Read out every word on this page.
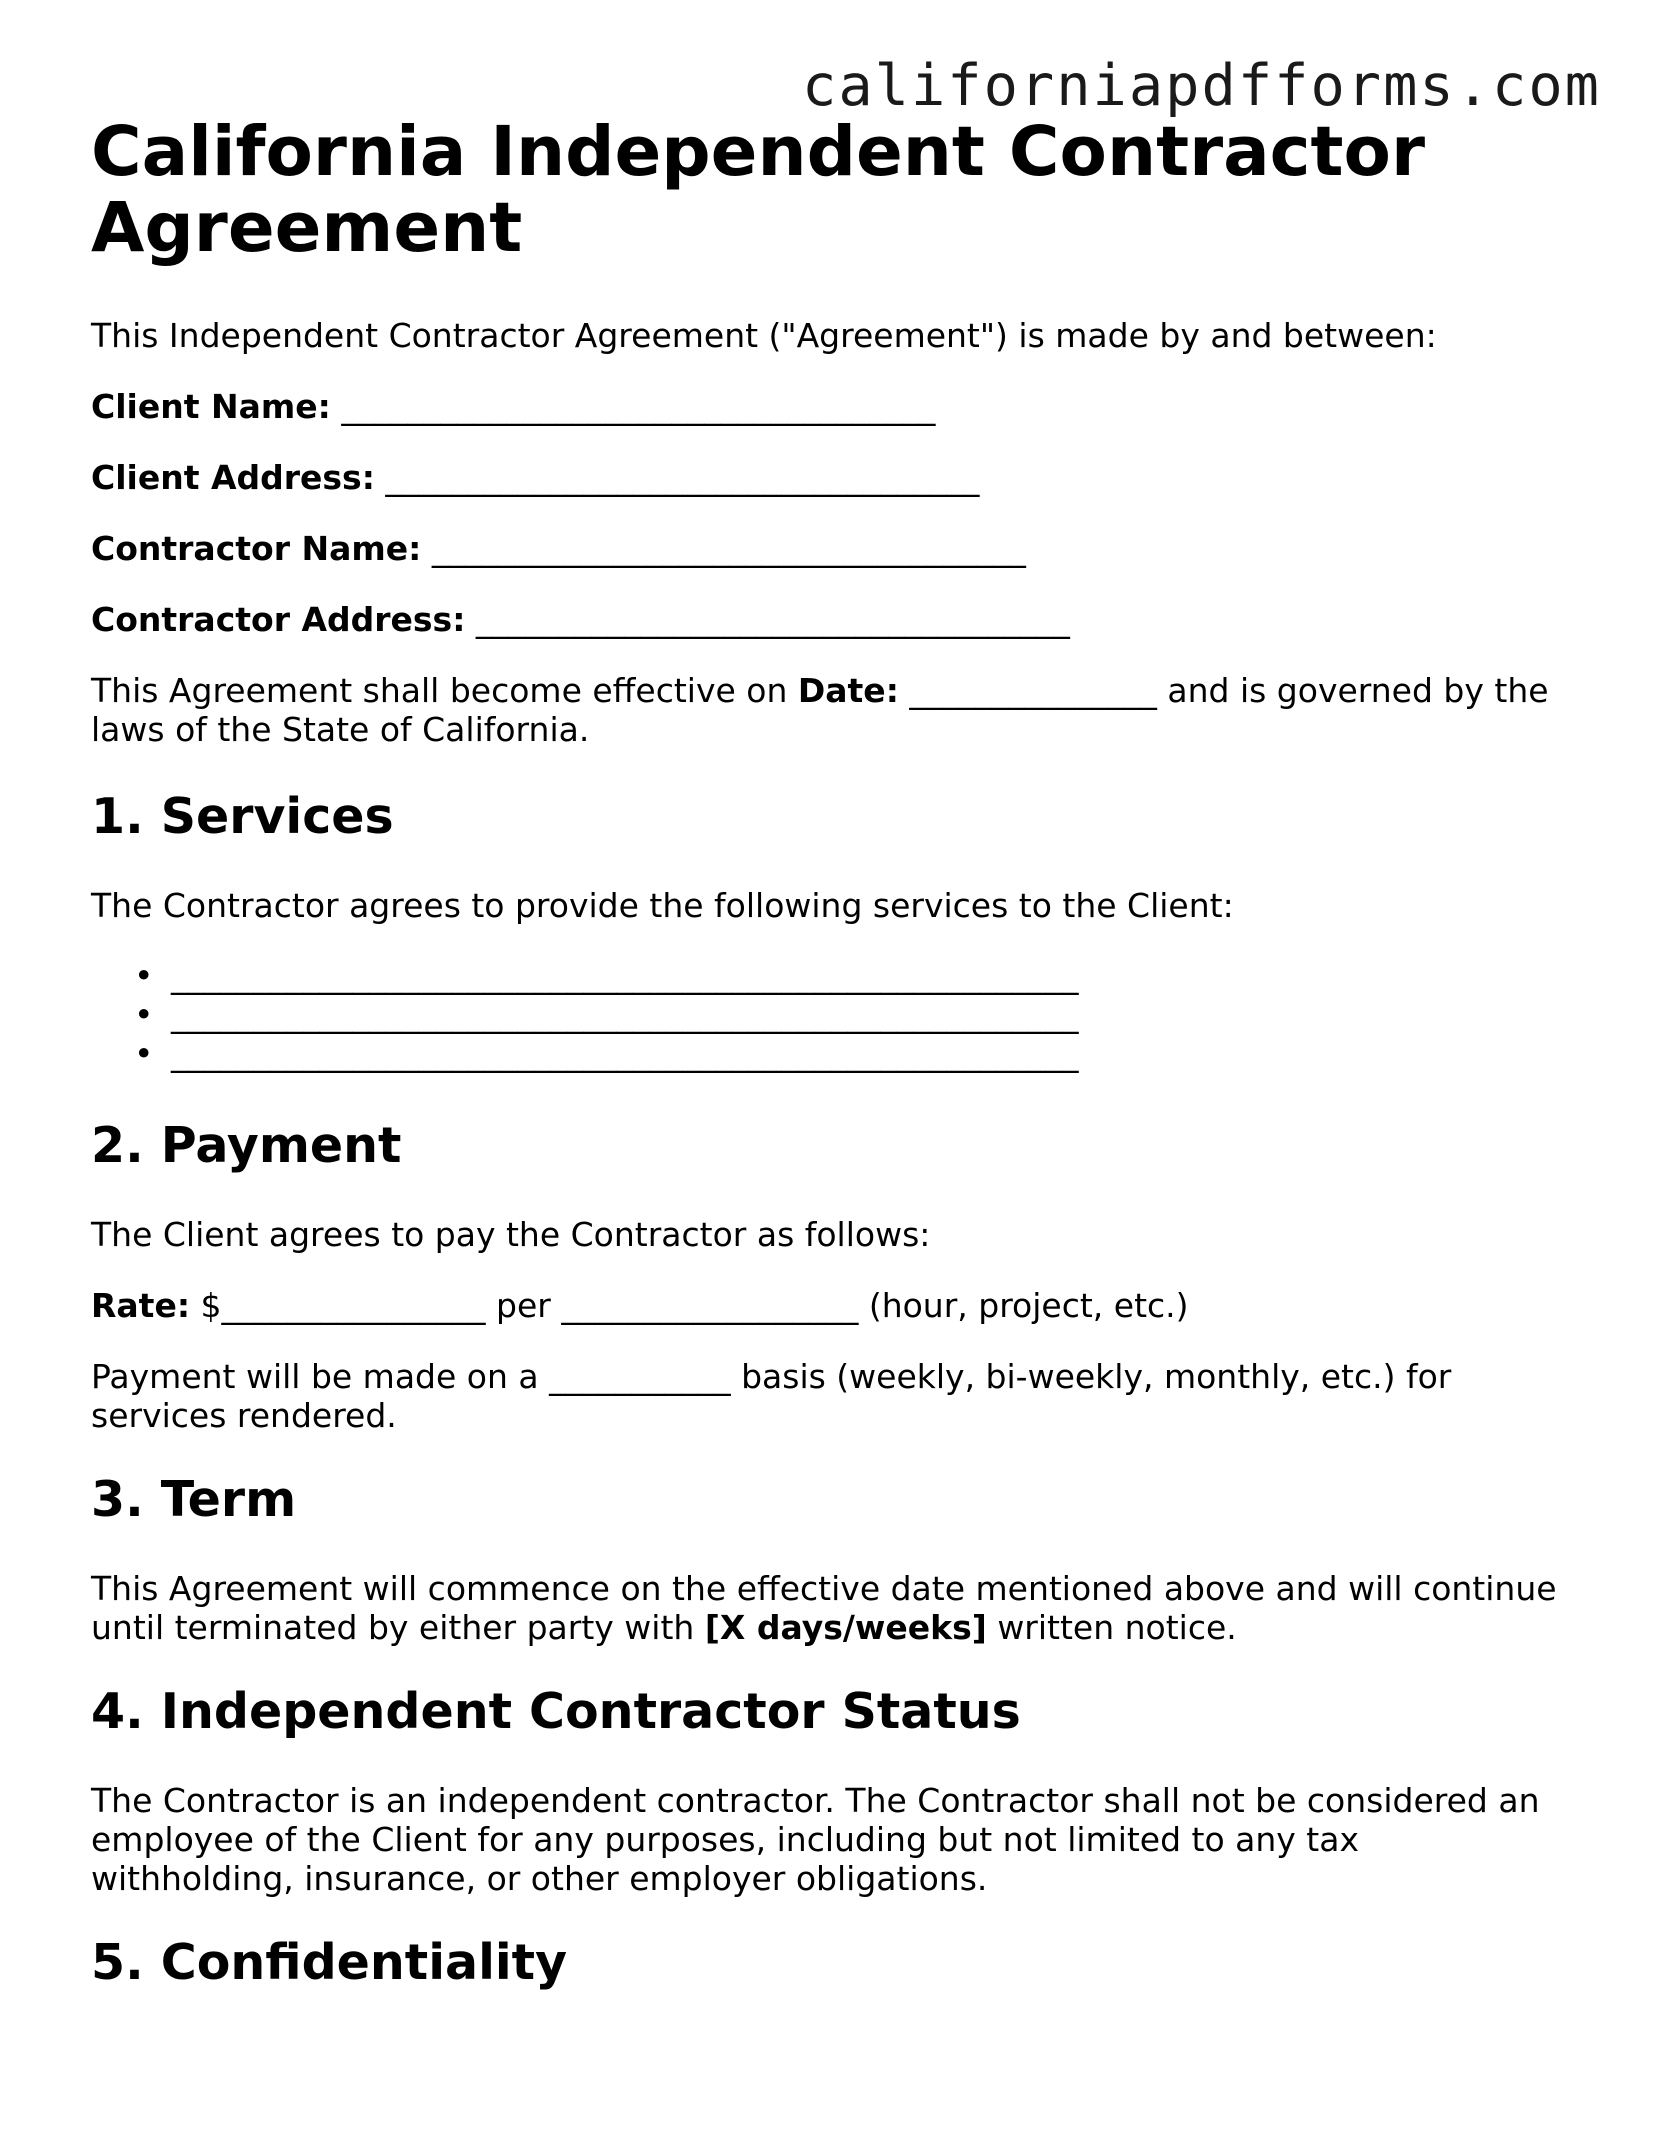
californiapdfforms.com
California Independent Contractor Agreement

This Independent Contractor Agreement ("Agreement") is made by and between:

Client Name: ____________________________________

Client Address: ____________________________________

Contractor Name: ____________________________________

Contractor Address: ____________________________________

This Agreement shall become effective on Date: _______________ and is governed by the laws of the State of California.

1. Services

The Contractor agrees to provide the following services to the Client:

• _______________________________________________________
• _______________________________________________________
• _______________________________________________________
2. Payment

The Client agrees to pay the Contractor as follows:

Rate: $________________ per __________________ (hour, project, etc.)

Payment will be made on a ___________ basis (weekly, bi-weekly, monthly, etc.) for services rendered.

3. Term

This Agreement will commence on the effective date mentioned above and will continue until terminated by either party with [X days/weeks] written notice.

4. Independent Contractor Status

The Contractor is an independent contractor. The Contractor shall not be considered an employee of the Client for any purposes, including but not limited to any tax withholding, insurance, or other employer obligations.

5. Confidentiality
